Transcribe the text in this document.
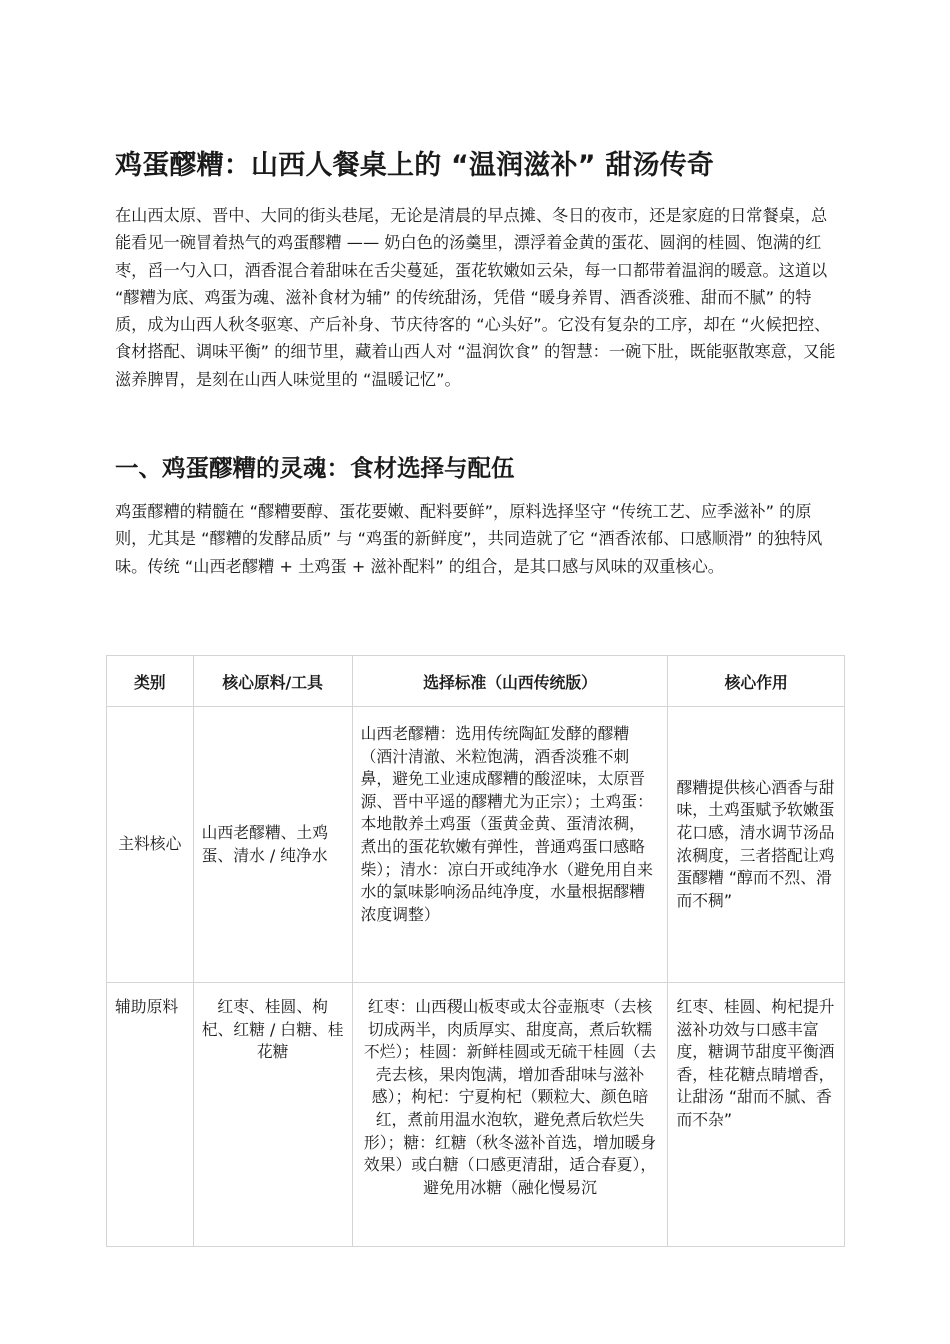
鸡蛋醪糟：山西人餐桌上的 “温润滋补” 甜汤传奇

在山西太原、晋中、大同的街头巷尾，无论是清晨的早点摊、冬日的夜市，还是家庭的日常餐桌，总能看见一碗冒着热气的鸡蛋醪糟 —— 奶白色的汤羹里，漂浮着金黄的蛋花、圆润的桂圆、饱满的红枣，舀一勺入口，酒香混合着甜味在舌尖蔓延，蛋花软嫩如云朵，每一口都带着温润的暖意。这道以 “醪糟为底、鸡蛋为魂、滋补食材为辅” 的传统甜汤，凭借 “暖身养胃、酒香淡雅、甜而不腻” 的特质，成为山西人秋冬驱寒、产后补身、节庆待客的 “心头好”。它没有复杂的工序，却在 “火候把控、食材搭配、调味平衡” 的细节里，藏着山西人对 “温润饮食” 的智慧：一碗下肚，既能驱散寒意，又能滋养脾胃，是刻在山西人味觉里的 “温暖记忆”。

一、鸡蛋醪糟的灵魂：食材选择与配伍

鸡蛋醪糟的精髓在 “醪糟要醇、蛋花要嫩、配料要鲜”，原料选择坚守 “传统工艺、应季滋补” 的原则，尤其是 “醪糟的发酵品质” 与 “鸡蛋的新鲜度”，共同造就了它 “酒香浓郁、口感顺滑” 的独特风味。传统 “山西老醪糟 + 土鸡蛋 + 滋补配料” 的组合，是其口感与风味的双重核心。

类别	核心原料/工具	选择标准（山西传统版）	核心作用
主料核心	山西老醪糟、土鸡蛋、清水 / 纯净水	山西老醪糟：选用传统陶缸发酵的醪糟（酒汁清澈、米粒饱满，酒香淡雅不刺鼻，避免工业速成醪糟的酸涩味，太原晋源、晋中平遥的醪糟尤为正宗）；土鸡蛋：本地散养土鸡蛋（蛋黄金黄、蛋清浓稠，煮出的蛋花软嫩有弹性，普通鸡蛋口感略柴）；清水：凉白开或纯净水（避免用自来水的氯味影响汤品纯净度，水量根据醪糟浓度调整）	醪糟提供核心酒香与甜味，土鸡蛋赋予软嫩蛋花口感，清水调节汤品浓稠度，三者搭配让鸡蛋醪糟 “醇而不烈、滑而不稠”
辅助原料	红枣、桂圆、枸杞、红糖 / 白糖、桂花糖	红枣：山西稷山板枣或太谷壶瓶枣（去核切成两半，肉质厚实、甜度高，煮后软糯不烂）；桂圆：新鲜桂圆或无硫干桂圆（去壳去核，果肉饱满，增加香甜味与滋补感）；枸杞：宁夏枸杞（颗粒大、颜色暗红，煮前用温水泡软，避免煮后软烂失形）；糖：红糖（秋冬滋补首选，增加暖身效果）或白糖（口感更清甜，适合春夏），避免用冰糖（融化慢易沉	红枣、桂圆、枸杞提升滋补功效与口感丰富度，糖调节甜度平衡酒香，桂花糖点睛增香，让甜汤 “甜而不腻、香而不杂”
